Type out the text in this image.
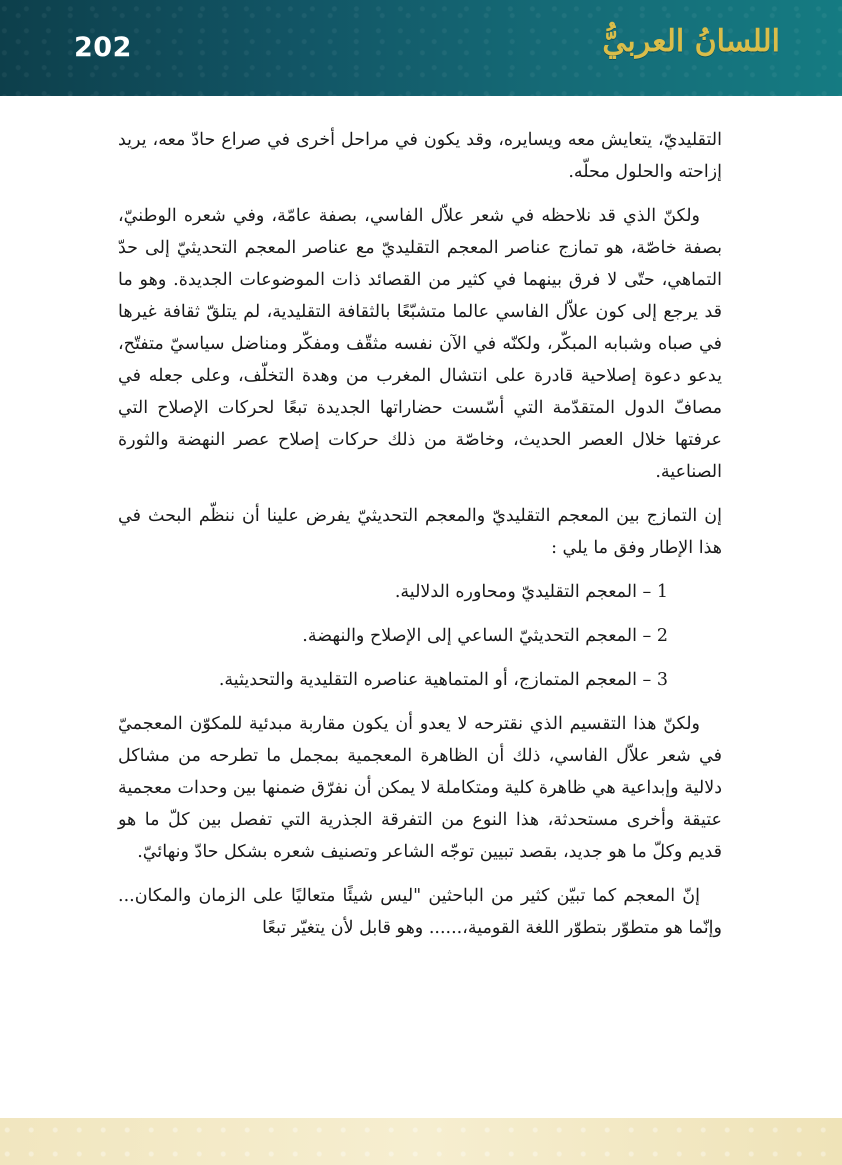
202	اللسانُ العربيُّ

التقليديّ، يتعايش معه ويسايره، وقد يكون في مراحل أخرى في صراع حادّ معه، يريد إزاحته والحلول محلّه.

ولكنّ الذي قد نلاحظه في شعر علاّل الفاسي، بصفة عامّة، وفي شعره الوطنيّ، بصفة خاصّة، هو تمازج عناصر المعجم التقليديّ مع عناصر المعجم التحديثيّ إلى حدّ التماهي، حتّى لا فرق بينهما في كثير من القصائد ذات الموضوعات الجديدة. وهو ما قد يرجع إلى كون علاّل الفاسي عالما متشبّعًا بالثقافة التقليدية، لم يتلقّ ثقافة غيرها في صباه وشبابه المبكّر، ولكنّه في الآن نفسه مثقّف ومفكّر ومناضل سياسيّ متفتّح، يدعو دعوة إصلاحية قادرة على انتشال المغرب من وهدة التخلّف، وعلى جعله في مصافّ الدول المتقدّمة التي أسّست حضاراتها الجديدة تبعًا لحركات الإصلاح التي عرفتها خلال العصر الحديث، وخاصّة من ذلك حركات إصلاح عصر النهضة والثورة الصناعية.

إن التمازج بين المعجم التقليديّ والمعجم التحديثيّ يفرض علينا أن ننظّم البحث في هذا الإطار وفق ما يلي :

1 – المعجم التقليديّ ومحاوره الدلالية.
2 – المعجم التحديثيّ الساعي إلى الإصلاح والنهضة.
3 – المعجم المتمازج، أو المتماهية عناصره التقليدية والتحديثية.

ولكنّ هذا التقسيم الذي نقترحه لا يعدو أن يكون مقاربة مبدئية للمكوّن المعجميّ في شعر علاّل الفاسي، ذلك أن الظاهرة المعجمية بمجمل ما تطرحه من مشاكل دلالية وإبداعية هي ظاهرة كلية ومتكاملة لا يمكن أن نفرّق ضمنها بين وحدات معجمية عتيقة وأخرى مستحدثة، هذا النوع من التفرقة الجذرية التي تفصل بين كلّ ما هو قديم وكلّ ما هو جديد، بقصد تبيين توجّه الشاعر وتصنيف شعره بشكل حادّ ونهائيّ.

إنّ المعجم كما تبيّن كثير من الباحثين "ليس شيئًا متعاليًا على الزمان والمكان... وإنّما هو متطوّر بتطوّر اللغة القومية،...... وهو قابل لأن يتغيّر تبعًا
